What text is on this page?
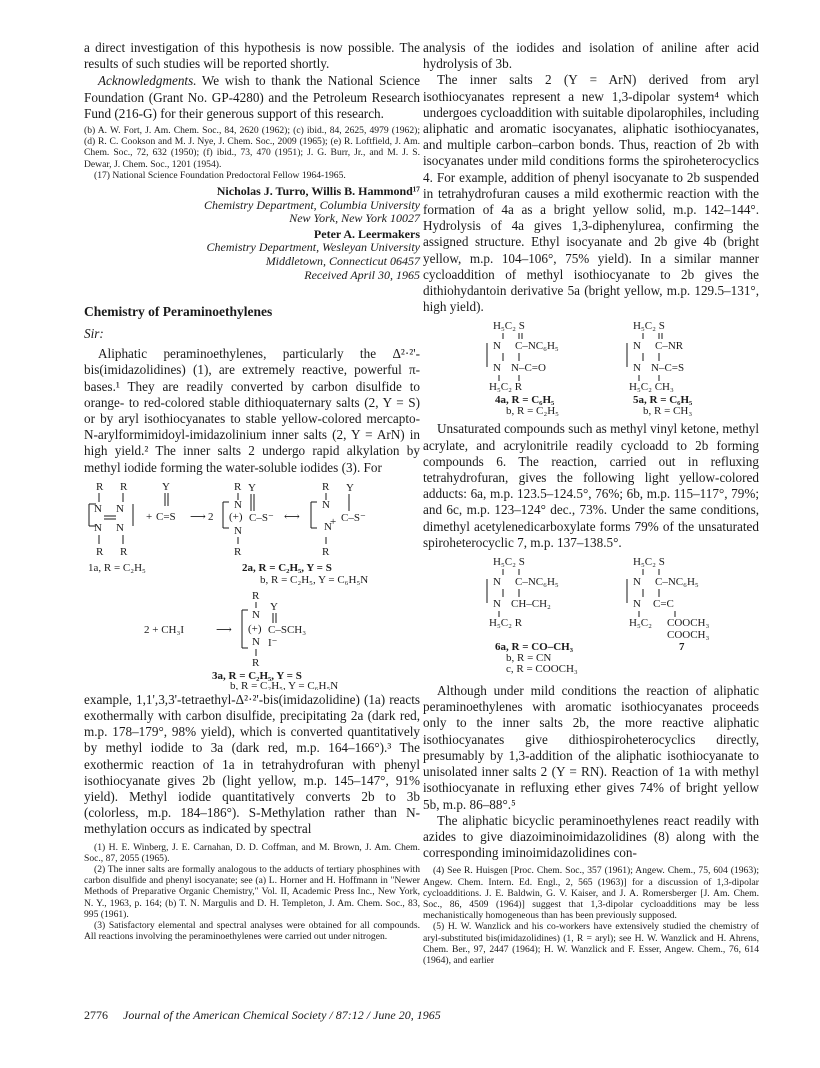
a direct investigation of this hypothesis is now possible. The results of such studies will be reported shortly.

Acknowledgments. We wish to thank the National Science Foundation (Grant No. GP-4280) and the Petroleum Research Fund (216-G) for their generous support of this research.

(b) A. W. Fort, J. Am. Chem. Soc., 84, 2620 (1962); (c) ibid., 84, 2625, 4979 (1962); (d) R. C. Cookson and M. J. Nye, J. Chem. Soc., 2009 (1965); (e) R. Loftfield, J. Am. Chem. Soc., 72, 632 (1950); (f) ibid., 73, 470 (1951); J. G. Burr, Jr., and M. J. S. Dewar, J. Chem. Soc., 1201 (1954).

(17) National Science Foundation Predoctoral Fellow 1964-1965.

Nicholas J. Turro, Willis B. Hammond¹⁷
Chemistry Department, Columbia University
New York, New York 10027
Peter A. Leermakers
Chemistry Department, Wesleyan University
Middletown, Connecticut 06457
Received April 30, 1965
Chemistry of Peraminoethylenes
Sir:

Aliphatic peraminoethylenes, particularly the Δ²·²'-bis(imidazolidines) (1), are extremely reactive, powerful π-bases.¹ They are readily converted by carbon disulfide to orange- to red-colored stable dithioquaternary salts (2, Y = S) or by aryl isothiocyanates to stable yellow-colored mercapto-N-arylformimidoyl-imidazolinium inner salts (2, Y = ArN) in high yield.² The inner salts 2 undergo rapid alkylation by methyl iodide forming the water-soluble iodides (3). For

R R
N N
N N
R R
1a, R = C₂H₅
+
Y
C=S ⟶ 2
R
N
(+)
N
Y
C–S⁻
R
⟷
R
N
N
+
Y
C–S⁻
R
2a, R = C₂H₅, Y = S
b, R = C₂H₅, Y = C₆H₅N
2 + CH₃I	⟶
R
N
(+)
N
Y
C–SCH₃
I⁻
R
3a, R = C₂H₅, Y = S
b, R = C₂H₅, Y = C₆H₅N

example, 1,1',3,3'-tetraethyl-Δ²·²'-bis(imidazolidine) (1a) reacts exothermally with carbon disulfide, precipitating 2a (dark red, m.p. 178–179°, 98% yield), which is converted quantitatively by methyl iodide to 3a (dark red, m.p. 164–166°).³ The exothermic reaction of 1a in tetrahydrofuran with phenyl isothiocyanate gives 2b (light yellow, m.p. 145–147°, 91% yield). Methyl iodide quantitatively converts 2b to 3b (colorless, m.p. 184–186°). S-Methylation rather than N-methylation occurs as indicated by spectral

(1) H. E. Winberg, J. E. Carnahan, D. D. Coffman, and M. Brown, J. Am. Chem. Soc., 87, 2055 (1965).

(2) The inner salts are formally analogous to the adducts of tertiary phosphines with carbon disulfide and phenyl isocyanate; see (a) L. Horner and H. Hoffmann in "Newer Methods of Preparative Organic Chemistry," Vol. II, Academic Press Inc., New York, N. Y., 1963, p. 164; (b) T. N. Margulis and D. H. Templeton, J. Am. Chem. Soc., 83, 995 (1961).

(3) Satisfactory elemental and spectral analyses were obtained for all compounds. All reactions involving the peraminoethylenes were carried out under nitrogen.

analysis of the iodides and isolation of aniline after acid hydrolysis of 3b.

The inner salts 2 (Y = ArN) derived from aryl isothiocyanates represent a new 1,3-dipolar system⁴ which undergoes cycloaddition with suitable dipolarophiles, including aliphatic and aromatic isocyanates, aliphatic isothiocyanates, and multiple carbon–carbon bonds. Thus, reaction of 2b with isocyanates under mild conditions forms the spiroheterocyclics 4. For example, addition of phenyl isocyanate to 2b suspended in tetrahydrofuran causes a mild exothermic reaction with the formation of 4a as a bright yellow solid, m.p. 142–144°. Hydrolysis of 4a gives 1,3-diphenylurea, confirming the assigned structure. Ethyl isocyanate and 2b give 4b (bright yellow, m.p. 104–106°, 75% yield). In a similar manner cycloaddition of methyl isothiocyanate to 2b gives the dithiohydantoin derivative 5a (bright yellow, m.p. 129.5–131°, high yield).

H₅C₂ S
N C–NC₆H₅
N N–C=O
H₅C₂ R
4a, R = C₆H₅
b, R = C₂H₅
H₅C₂ S
N C–NR
N N–C=S
H₅C₂ CH₃
5a, R = C₆H₅
b, R = CH₃

Unsaturated compounds such as methyl vinyl ketone, methyl acrylate, and acrylonitrile readily cycloadd to 2b forming compounds 6. The reaction, carried out in refluxing tetrahydrofuran, gives the following light yellow-colored adducts: 6a, m.p. 123.5–124.5°, 76%; 6b, m.p. 115–117°, 79%; and 6c, m.p. 123–124° dec., 73%. Under the same conditions, dimethyl acetylenedicarboxylate forms 79% of the unsaturated spiroheterocyclic 7, m.p. 137–138.5°.

H₅C₂ S
N C–NC₆H₅
N CH–CH₂
H₅C₂ R
6a, R = CO–CH₃
b, R = CN
c, R = COOCH₃
H₅C₂ S
N C–NC₆H₅
N C=C
H₅C₂ COOCH₃
COOCH₃
7

Although under mild conditions the reaction of aliphatic peraminoethylenes with aromatic isothiocyanates proceeds only to the inner salts 2b, the more reactive aliphatic isothiocyanates give dithiospiroheterocyclics directly, presumably by 1,3-addition of the aliphatic isothiocyanate to unisolated inner salts 2 (Y = RN). Reaction of 1a with methyl isothiocyanate in refluxing ether gives 74% of bright yellow 5b, m.p. 86–88°.⁵

The aliphatic bicyclic peraminoethylenes react readily with azides to give diazoiminoimidazolidines (8) along with the corresponding iminoimidazolidines con-

(4) See R. Huisgen [Proc. Chem. Soc., 357 (1961); Angew. Chem., 75, 604 (1963); Angew. Chem. Intern. Ed. Engl., 2, 565 (1963)] for a discussion of 1,3-dipolar cycloadditions. J. E. Baldwin, G. V. Kaiser, and J. A. Romersberger [J. Am. Chem. Soc., 86, 4509 (1964)] suggest that 1,3-dipolar cycloadditions may be less mechanistically homogeneous than has been previously supposed.

(5) H. W. Wanzlick and his co-workers have extensively studied the chemistry of aryl-substituted bis(imidazolidines) (1, R = aryl); see H. W. Wanzlick and H. Ahrens, Chem. Ber., 97, 2447 (1964); H. W. Wanzlick and F. Esser, Angew. Chem., 76, 614 (1964), and earlier

2776 Journal of the American Chemical Society / 87:12 / June 20, 1965
